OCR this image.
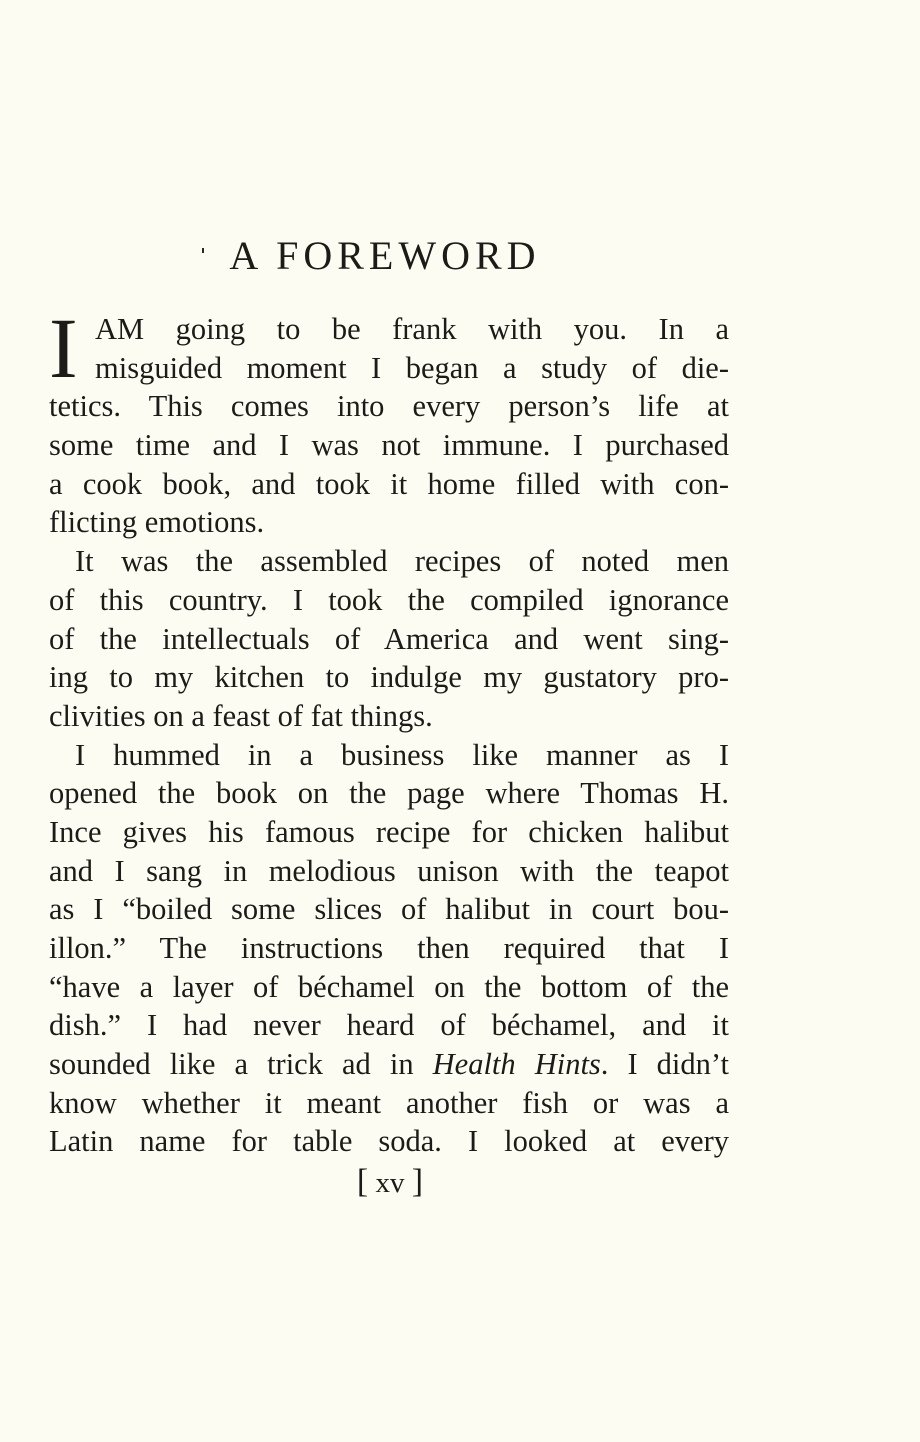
A FOREWORD
I AM going to be frank with you. In a
misguided moment I began a study of die-
tetics. This comes into every person’s life at
some time and I was not immune. I purchased
a cook book, and took it home filled with con-
flicting emotions.
It was the assembled recipes of noted men
of this country. I took the compiled ignorance
of the intellectuals of America and went sing-
ing to my kitchen to indulge my gustatory pro-
clivities on a feast of fat things.
I hummed in a business like manner as I
opened the book on the page where Thomas H.
Ince gives his famous recipe for chicken halibut
and I sang in melodious unison with the teapot
as I “boiled some slices of halibut in court bou-
illon.” The instructions then required that I
“have a layer of béchamel on the bottom of the
dish.” I had never heard of béchamel, and it
sounded like a trick ad in Health Hints. I didn’t
know whether it meant another fish or was a
Latin name for table soda. I looked at every
[ xv ]
